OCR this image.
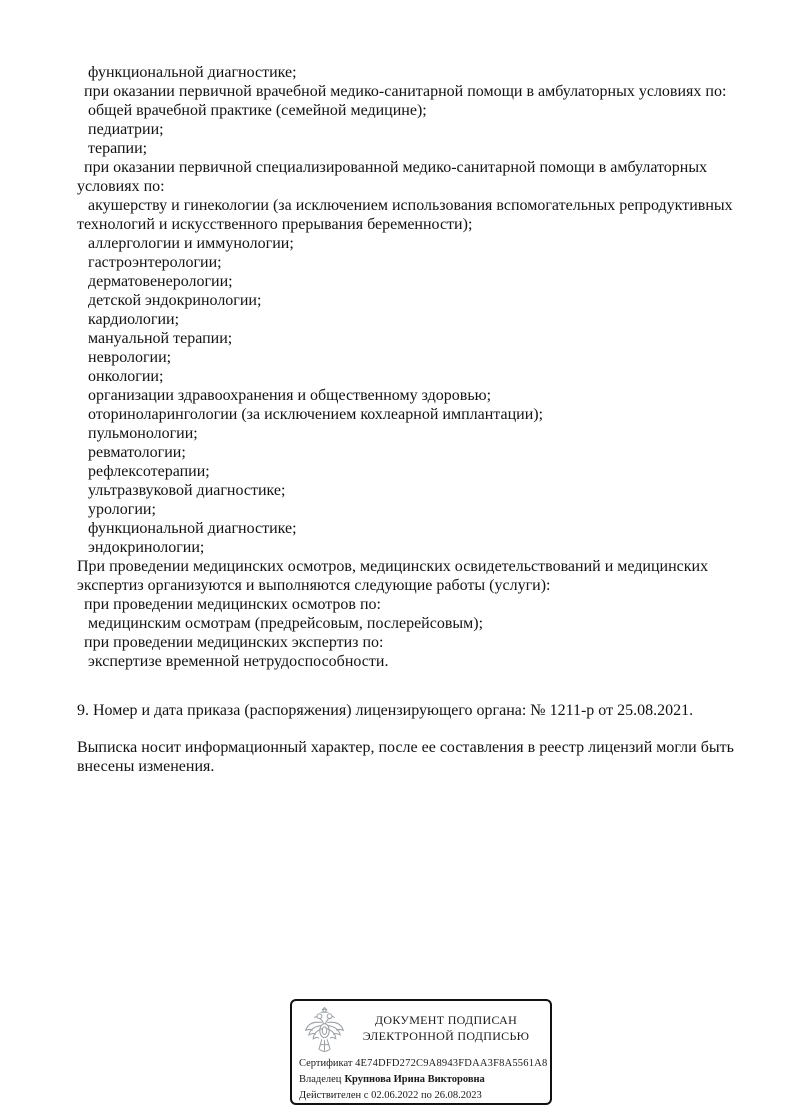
функциональной диагностике;
при оказании первичной врачебной медико-санитарной помощи в амбулаторных условиях по:
общей врачебной практике (семейной медицине);
педиатрии;
терапии;
при оказании первичной специализированной медико-санитарной помощи в амбулаторных
условиях по:
акушерству и гинекологии (за исключением использования вспомогательных репродуктивных
технологий и искусственного прерывания беременности);
аллергологии и иммунологии;
гастроэнтерологии;
дерматовенерологии;
детской эндокринологии;
кардиологии;
мануальной терапии;
неврологии;
онкологии;
организации здравоохранения и общественному здоровью;
оториноларингологии (за исключением кохлеарной имплантации);
пульмонологии;
ревматологии;
рефлексотерапии;
ультразвуковой диагностике;
урологии;
функциональной диагностике;
эндокринологии;
При проведении медицинских осмотров, медицинских освидетельствований и медицинских
экспертиз организуются и выполняются следующие работы (услуги):
при проведении медицинских осмотров по:
медицинским осмотрам (предрейсовым, послерейсовым);
при проведении медицинских экспертиз по:
экспертизе временной нетрудоспособности.
9. Номер и дата приказа (распоряжения) лицензирующего органа: № 1211-р от 25.08.2021.
Выписка носит информационный характер, после ее составления в реестр лицензий могли быть
внесены изменения.
ДОКУМЕНТ ПОДПИСАН
ЭЛЕКТРОННОЙ ПОДПИСЬЮ
Сертификат 4E74DFD272C9A8943FDAA3F8A5561A8
Владелец Крупнова Ирина Викторовна
Действителен с 02.06.2022 по 26.08.2023
